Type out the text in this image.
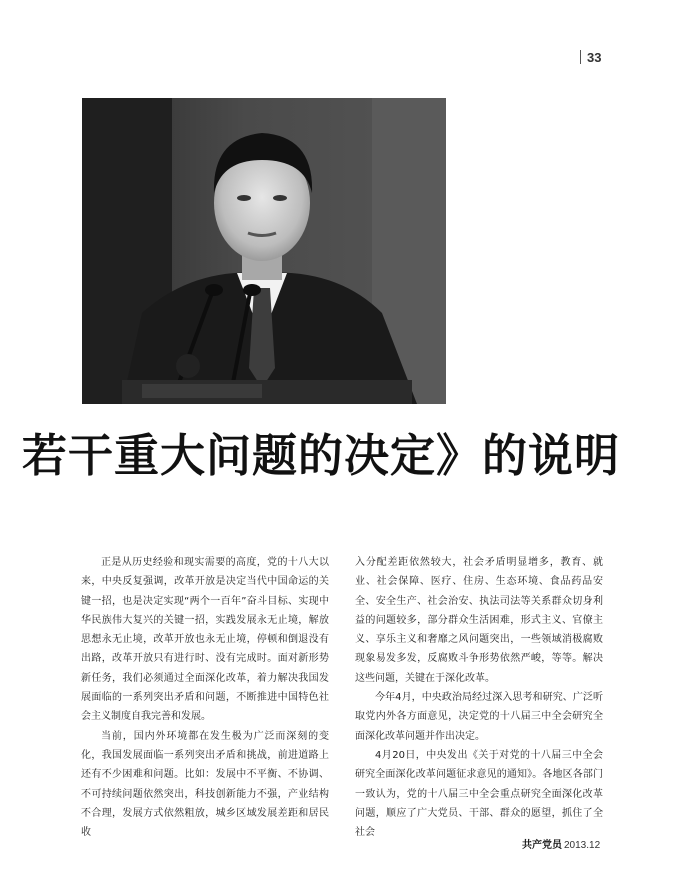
33
若干重大问题的决定》的说明

正是从历史经验和现实需要的高度，党的十八大以来，中央反复强调，改革开放是决定当代中国命运的关键一招，也是决定实现“两个一百年”奋斗目标、实现中华民族伟大复兴的关键一招，实践发展永无止境，解放思想永无止境，改革开放也永无止境，停顿和倒退没有出路，改革开放只有进行时、没有完成时。面对新形势新任务，我们必须通过全面深化改革，着力解决我国发展面临的一系列突出矛盾和问题，不断推进中国特色社会主义制度自我完善和发展。

当前，国内外环境都在发生极为广泛而深刻的变化，我国发展面临一系列突出矛盾和挑战，前进道路上还有不少困难和问题。比如：发展中不平衡、不协调、不可持续问题依然突出，科技创新能力不强，产业结构不合理，发展方式依然粗放，城乡区域发展差距和居民收

入分配差距依然较大，社会矛盾明显增多，教育、就业、社会保障、医疗、住房、生态环境、食品药品安全、安全生产、社会治安、执法司法等关系群众切身利益的问题较多，部分群众生活困难，形式主义、官僚主义、享乐主义和奢靡之风问题突出，一些领域消极腐败现象易发多发，反腐败斗争形势依然严峻，等等。解决这些问题，关键在于深化改革。

今年4月，中央政治局经过深入思考和研究、广泛听取党内外各方面意见，决定党的十八届三中全会研究全面深化改革问题并作出决定。

4月20日，中央发出《关于对党的十八届三中全会研究全面深化改革问题征求意见的通知》。各地区各部门一致认为，党的十八届三中全会重点研究全面深化改革问题，顺应了广大党员、干部、群众的愿望，抓住了全社会

共产党员 2013.12
